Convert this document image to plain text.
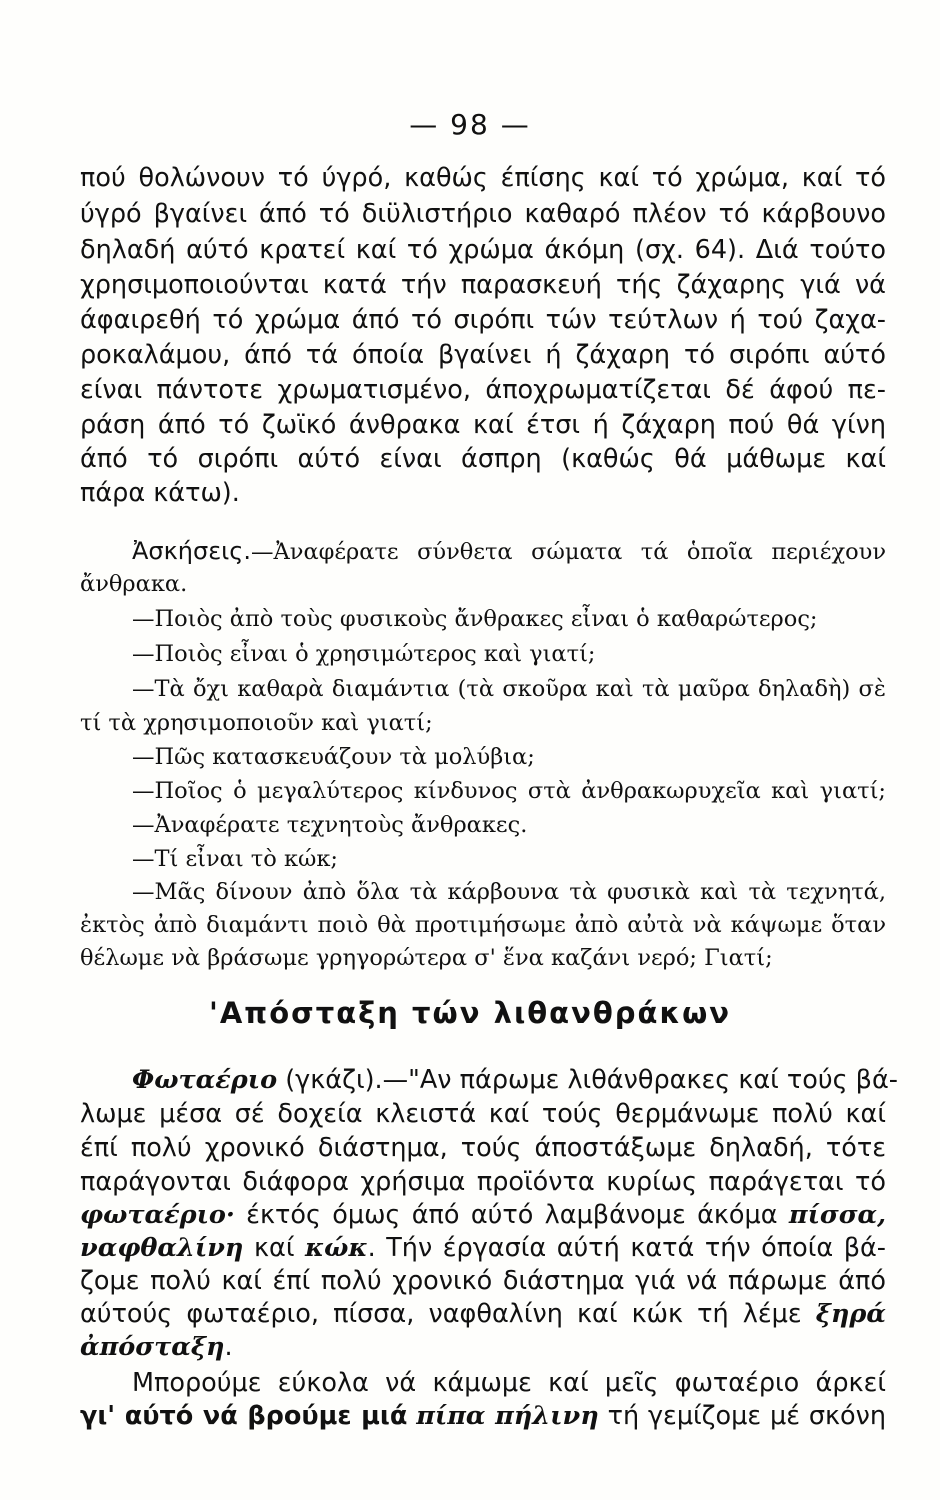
— 98 —

πού θολώνουν τό ύγρό, καθώς έπίσης καί τό χρώμα, καί τό

ύγρό βγαίνει άπό τό διϋλιστήριο καθαρό πλέον τό κάρβουνο

δηλαδή αύτό κρατεί καί τό χρώμα άκόμη (σχ. 64). Διά τούτο

χρησιμοποιούνται κατά τήν παρασκευή τής ζάχαρης γιά νά

άφαιρεθή τό χρώμα άπό τό σιρόπι τών τεύτλων ή τού ζαχα-

ροκαλάμου, άπό τά όποία βγαίνει ή ζάχαρη τό σιρόπι αύτό

είναι πάντοτε χρωματισμένο, άποχρωματίζεται δέ άφού πε-

ράση άπό τό ζωϊκό άνθρακα καί έτσι ή ζάχαρη πού θά γίνη

άπό τό σιρόπι αύτό είναι άσπρη (καθώς θά μάθωμε καί

πάρα κάτω).

Ἀσκήσεις.—Ἀναφέρατε σύνθετα σώματα τά ὁποῖα περιέχουν

ἄνθρακα.

—Ποιὸς ἀπὸ τοὺς φυσικοὺς ἄνθρακες εἶναι ὁ καθαρώτερος;

—Ποιὸς εἶναι ὁ χρησιμώτερος καὶ γιατί;

—Τὰ ὄχι καθαρὰ διαμάντια (τὰ σκοῦρα καὶ τὰ μαῦρα δηλαδὴ) σὲ

τί τὰ χρησιμοποιοῦν καὶ γιατί;

—Πῶς κατασκευάζουν τὰ μολύβια;

—Ποῖος ὁ μεγαλύτερος κίνδυνος στὰ ἀνθρακωρυχεῖα καὶ γιατί;

—Ἀναφέρατε τεχνητοὺς ἄνθρακες.

—Τί εἶναι τὸ κώκ;

—Μᾶς δίνουν ἀπὸ ὅλα τὰ κάρβουνα τὰ φυσικὰ καὶ τὰ τεχνητά,

ἐκτὸς ἀπὸ διαμάντι ποιὸ θὰ προτιμήσωμε ἀπὸ αὐτὰ νὰ κάψωμε ὅταν

θέλωμε νὰ βράσωμε γρηγορώτερα σ' ἕνα καζάνι νερό; Γιατί;

'Απόσταξη τών λιθανθράκων

Φωταέριο (γκάζι).—"Αν πάρωμε λιθάνθρακες καί τούς βά-

λωμε μέσα σέ δοχεία κλειστά καί τούς θερμάνωμε πολύ καί

έπί πολύ χρονικό διάστημα, τούς άποστάξωμε δηλαδή, τότε

παράγονται διάφορα χρήσιμα προϊόντα κυρίως παράγεται τό

φωταέριο· έκτός όμως άπό αύτό λαμβάνομε άκόμα πίσσα,

ναφθαλίνη καί κώκ. Τήν έργασία αύτή κατά τήν όποία βά-

ζομε πολύ καί έπί πολύ χρονικό διάστημα γιά νά πάρωμε άπό

αύτούς φωταέριο, πίσσα, ναφθαλίνη καί κώκ τή λέμε ξηρά

ἀπόσταξη.

Μπορούμε εύκολα νά κάμωμε καί μεῖς φωταέριο άρκεί

γι' αύτό νά βρούμε μιά πίπα πήλινη τή γεμίζομε μέ σκόνη
